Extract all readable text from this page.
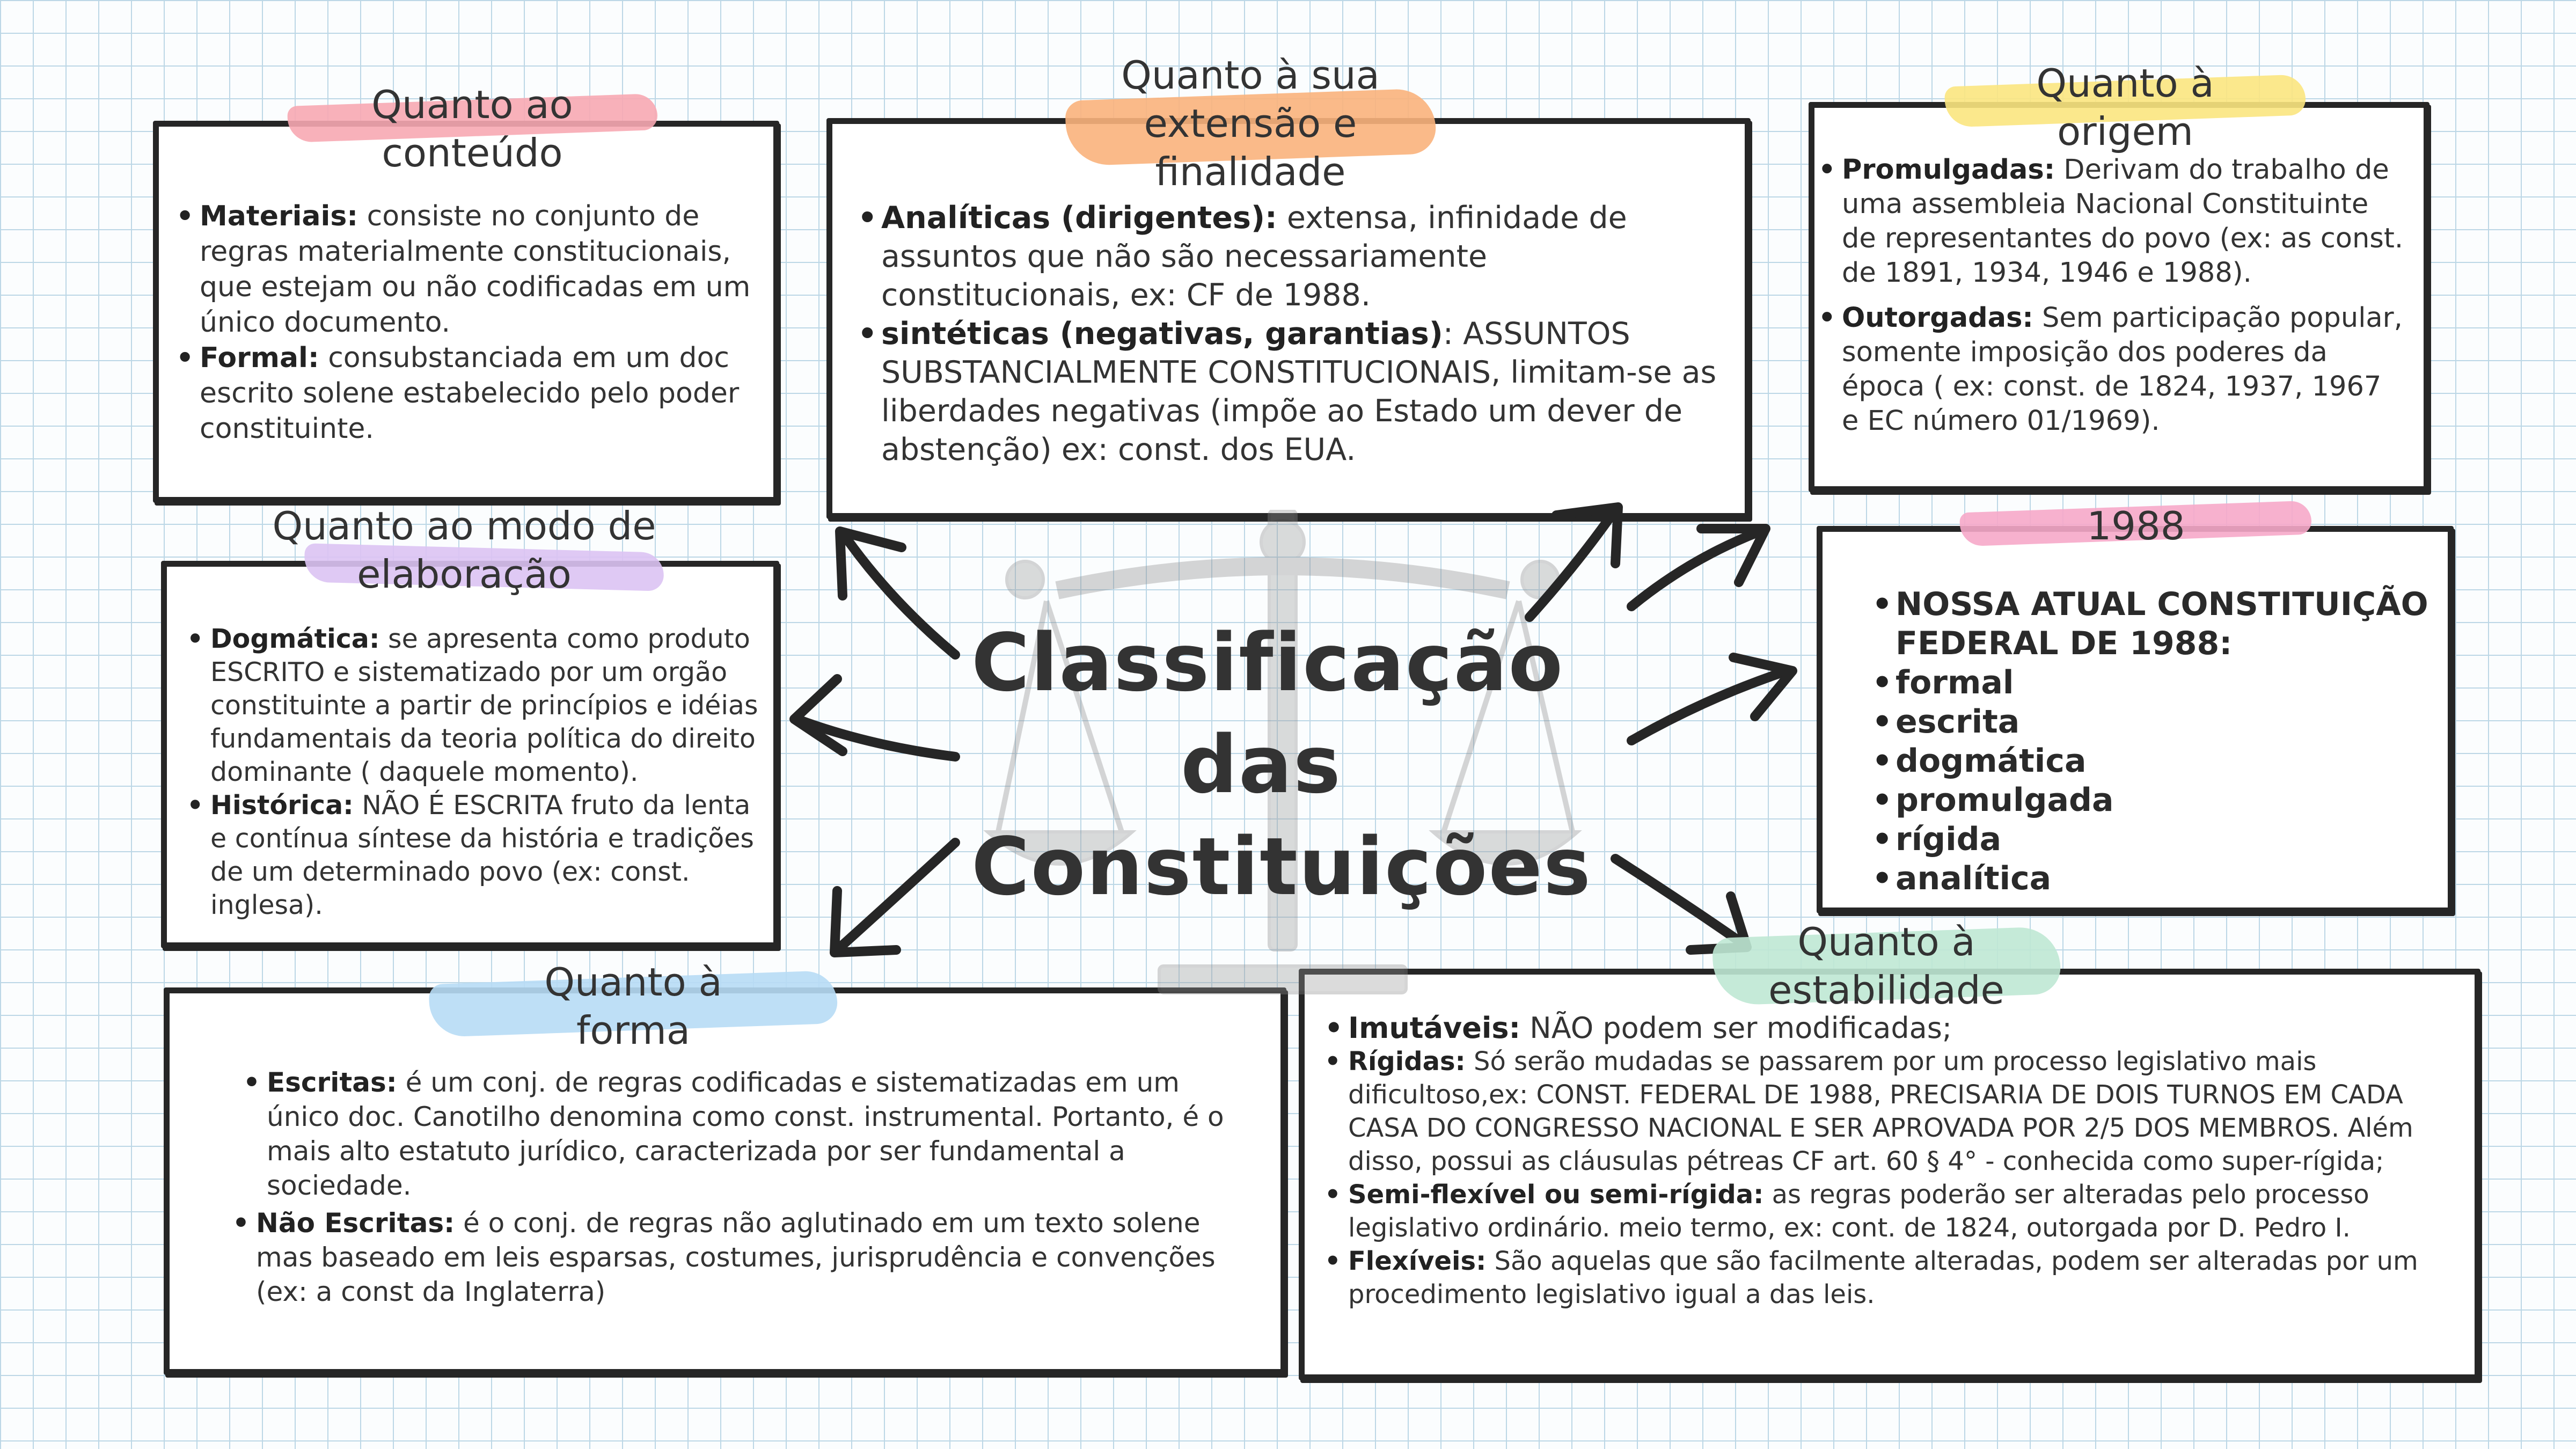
Classificação
das
Constituições
Quanto ao
conteúdo
• Materiais: consiste no conjunto de regras materialmente constitucionais, que estejam ou não codificadas em um único documento.
• Formal: consubstanciada em um doc escrito solene estabelecido pelo poder constituinte.
Quanto à sua
extensão e
finalidade
• Analíticas (dirigentes): extensa, infinidade de assuntos que não são necessariamente constitucionais, ex: CF de 1988.
• sintéticas (negativas, garantias): ASSUNTOS SUBSTANCIALMENTE CONSTITUCIONAIS, limitam-se as liberdades negativas (impõe ao Estado um dever de abstenção) ex: const. dos EUA.
Quanto à
origem
• Promulgadas: Derivam do trabalho de uma assembleia Nacional Constituinte de representantes do povo (ex: as const. de 1891, 1934, 1946 e 1988).
• Outorgadas: Sem participação popular, somente imposição dos poderes da época ( ex: const. de 1824, 1937, 1967 e EC número 01/1969).
Quanto ao modo de
elaboração
• Dogmática: se apresenta como produto ESCRITO e sistematizado por um orgão constituinte a partir de princípios e idéias fundamentais da teoria política do direito dominante ( daquele momento).
• Histórica: NÃO É ESCRITA fruto da lenta e contínua síntese da história e tradições de um determinado povo (ex: const. inglesa).
1988
• NOSSA ATUAL CONSTITUIÇÃO FEDERAL DE 1988:
• formal
• escrita
• dogmática
• promulgada
• rígida
• analítica
Quanto à
forma
• Escritas: é um conj. de regras codificadas e sistematizadas em um único doc. Canotilho denomina como const. instrumental. Portanto, é o mais alto estatuto jurídico, caracterizada por ser fundamental a sociedade.
• Não Escritas: é o conj. de regras não aglutinado em um texto solene mas baseado em leis esparsas, costumes, jurisprudência e convenções (ex: a const da Inglaterra)
Quanto à
estabilidade
• Imutáveis: NÃO podem ser modificadas;
• Rígidas: Só serão mudadas se passarem por um processo legislativo mais dificultoso,ex: CONST. FEDERAL DE 1988, PRECISARIA DE DOIS TURNOS EM CADA CASA DO CONGRESSO NACIONAL E SER APROVADA POR 2/5 DOS MEMBROS. Além disso, possui as cláusulas pétreas CF art. 60 § 4° - conhecida como super-rígida;
• Semi-flexível ou semi-rígida: as regras poderão ser alteradas pelo processo legislativo ordinário. meio termo, ex: cont. de 1824, outorgada por D. Pedro I.
• Flexíveis: São aquelas que são facilmente alteradas, podem ser alteradas por um procedimento legislativo igual a das leis.
